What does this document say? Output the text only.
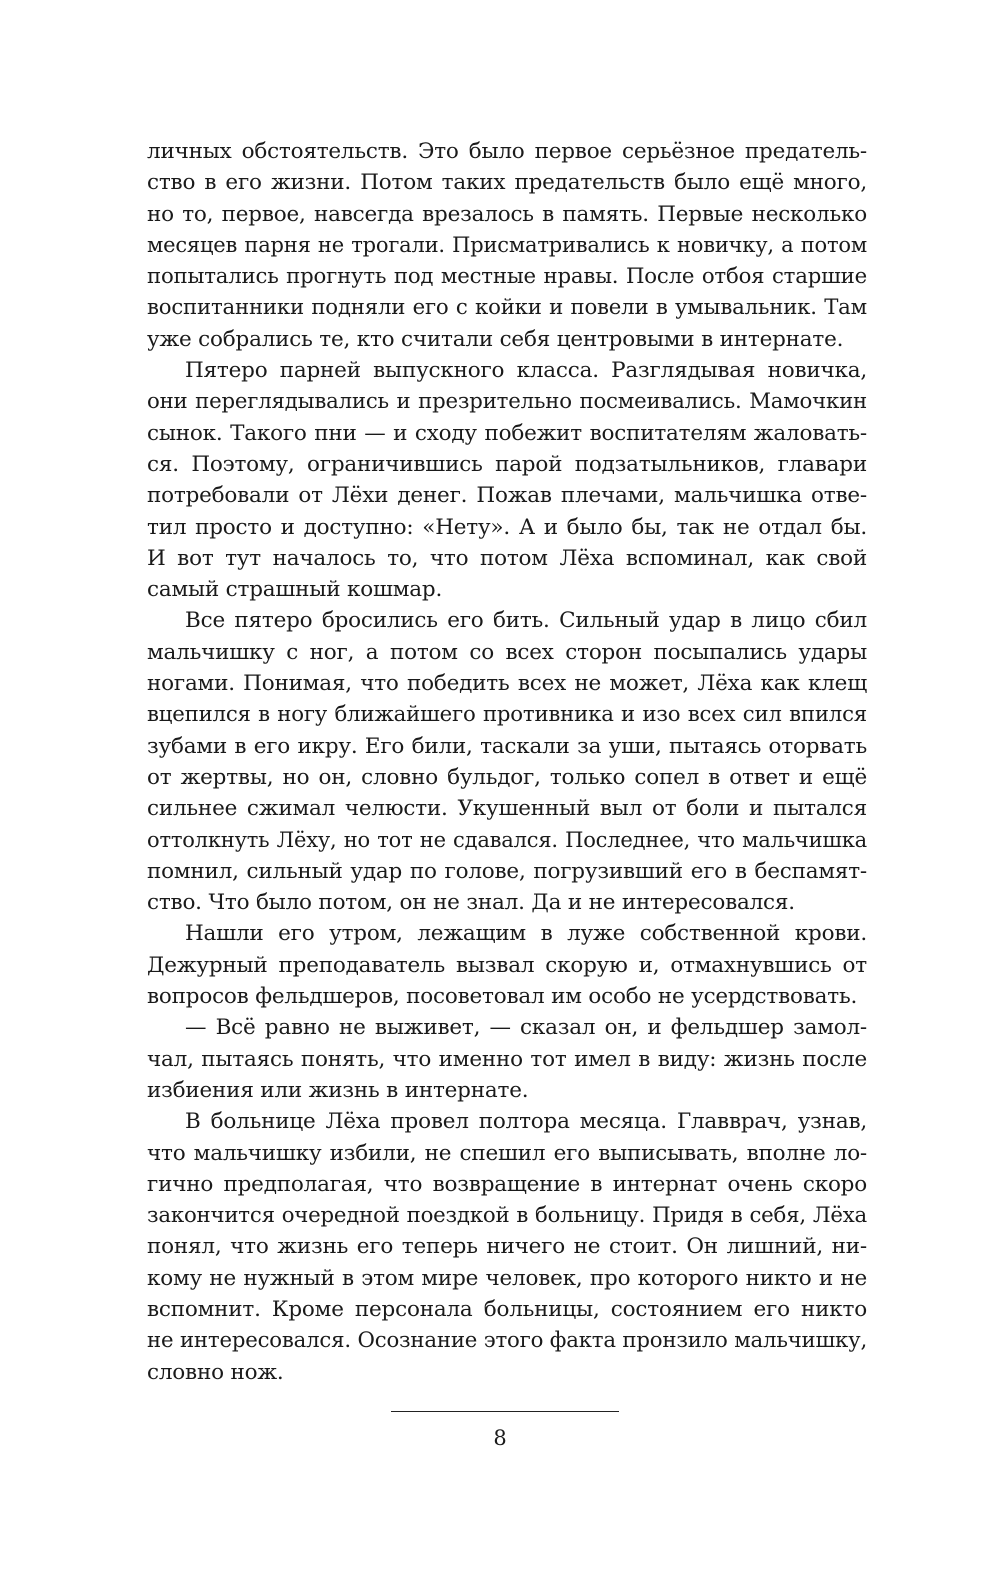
личных обстоятельств. Это было первое серьёзное предатель-
ство в его жизни. Потом таких предательств было ещё много,
но то, первое, навсегда врезалось в память. Первые несколько
месяцев парня не трогали. Присматривались к новичку, а потом
попытались прогнуть под местные нравы. После отбоя старшие
воспитанники подняли его с койки и повели в умывальник. Там
уже собрались те, кто считали себя центровыми в интернате.
Пятеро парней выпускного класса. Разглядывая новичка,
они переглядывались и презрительно посмеивались. Мамочкин
сынок. Такого пни — и сходу побежит воспитателям жаловать-
ся. Поэтому, ограничившись парой подзатыльников, главари
потребовали от Лёхи денег. Пожав плечами, мальчишка отве-
тил просто и доступно: «Нету». А и было бы, так не отдал бы.
И вот тут началось то, что потом Лёха вспоминал, как свой
самый страшный кошмар.
Все пятеро бросились его бить. Сильный удар в лицо сбил
мальчишку с ног, а потом со всех сторон посыпались удары
ногами. Понимая, что победить всех не может, Лёха как клещ
вцепился в ногу ближайшего противника и изо всех сил впился
зубами в его икру. Его били, таскали за уши, пытаясь оторвать
от жертвы, но он, словно бульдог, только сопел в ответ и ещё
сильнее сжимал челюсти. Укушенный выл от боли и пытался
оттолкнуть Лёху, но тот не сдавался. Последнее, что мальчишка
помнил, сильный удар по голове, погрузивший его в беспамят-
ство. Что было потом, он не знал. Да и не интересовался.
Нашли его утром, лежащим в луже собственной крови.
Дежурный преподаватель вызвал скорую и, отмахнувшись от
вопросов фельдшеров, посоветовал им особо не усердствовать.
— Всё равно не выживет, — сказал он, и фельдшер замол-
чал, пытаясь понять, что именно тот имел в виду: жизнь после
избиения или жизнь в интернате.
В больнице Лёха провел полтора месяца. Главврач, узнав,
что мальчишку избили, не спешил его выписывать, вполне ло-
гично предполагая, что возвращение в интернат очень скоро
закончится очередной поездкой в больницу. Придя в себя, Лёха
понял, что жизнь его теперь ничего не стоит. Он лишний, ни-
кому не нужный в этом мире человек, про которого никто и не
вспомнит. Кроме персонала больницы, состоянием его никто
не интересовался. Осознание этого факта пронзило мальчишку,
словно нож.
8
